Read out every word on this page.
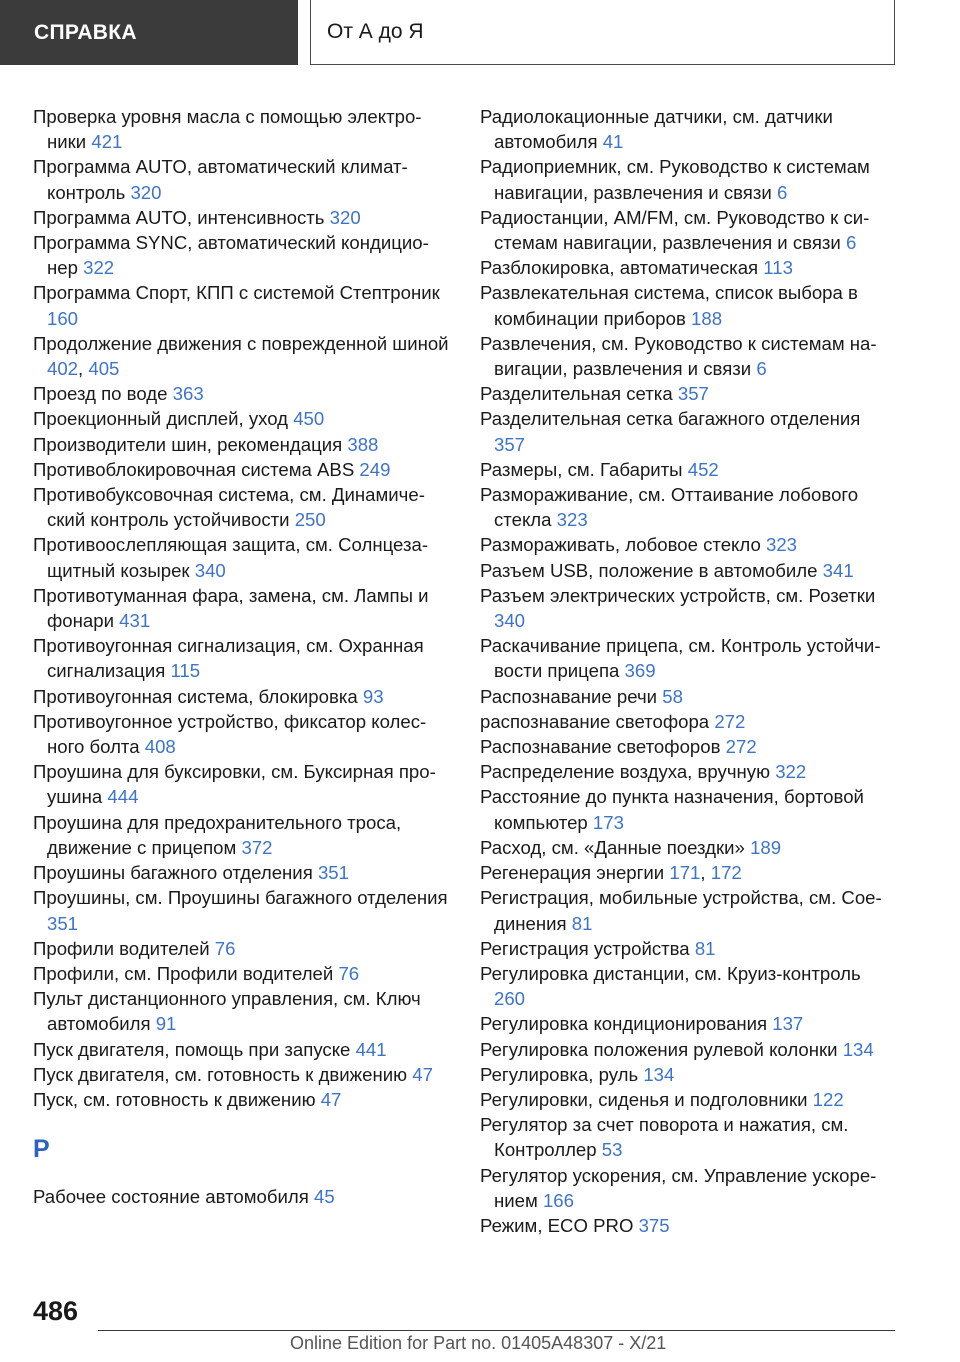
СПРАВКА	От А до Я
Проверка уровня масла с помощью электроники 421
Программа AUTO, автоматический климат-контроль 320
Программа AUTO, интенсивность 320
Программа SYNC, автоматический кондиционер 322
Программа Спорт, КПП с системой Стептроник 160
Продолжение движения с поврежденной шиной 402, 405
Проезд по воде 363
Проекционный дисплей, уход 450
Производители шин, рекомендация 388
Противоблокировочная система ABS 249
Противобуксовочная система, см. Динамический контроль устойчивости 250
Противоослепляющая защита, см. Солнцезащитный козырек 340
Противотуманная фара, замена, см. Лампы и фонари 431
Противоугонная сигнализация, см. Охранная сигнализация 115
Противоугонная система, блокировка 93
Противоугонное устройство, фиксатор колесного болта 408
Проушина для буксировки, см. Буксирная проушина 444
Проушина для предохранительного троса, движение с прицепом 372
Проушины багажного отделения 351
Проушины, см. Проушины багажного отделения 351
Профили водителей 76
Профили, см. Профили водителей 76
Пульт дистанционного управления, см. Ключ автомобиля 91
Пуск двигателя, помощь при запуске 441
Пуск двигателя, см. готовность к движению 47
Пуск, см. готовность к движению 47
Р
Рабочее состояние автомобиля 45
Радиолокационные датчики, см. датчики автомобиля 41
Радиоприемник, см. Руководство к системам навигации, развлечения и связи 6
Радиостанции, AM/FM, см. Руководство к системам навигации, развлечения и связи 6
Разблокировка, автоматическая 113
Развлекательная система, список выбора в комбинации приборов 188
Развлечения, см. Руководство к системам навигации, развлечения и связи 6
Разделительная сетка 357
Разделительная сетка багажного отделения 357
Размеры, см. Габариты 452
Размораживание, см. Оттаивание лобового стекла 323
Размораживать, лобовое стекло 323
Разъем USB, положение в автомобиле 341
Разъем электрических устройств, см. Розетки 340
Раскачивание прицепа, см. Контроль устойчивости прицепа 369
Распознавание речи 58
распознавание светофора 272
Распознавание светофоров 272
Распределение воздуха, вручную 322
Расстояние до пункта назначения, бортовой компьютер 173
Расход, см. «Данные поездки» 189
Регенерация энергии 171, 172
Регистрация, мобильные устройства, см. Соединения 81
Регистрация устройства 81
Регулировка дистанции, см. Круиз-контроль 260
Регулировка кондиционирования 137
Регулировка положения рулевой колонки 134
Регулировка, руль 134
Регулировки, сиденья и подголовники 122
Регулятор за счет поворота и нажатия, см. Контроллер 53
Регулятор ускорения, см. Управление ускорением 166
Режим, ECO PRO 375
486
Online Edition for Part no. 01405A48307 - X/21
